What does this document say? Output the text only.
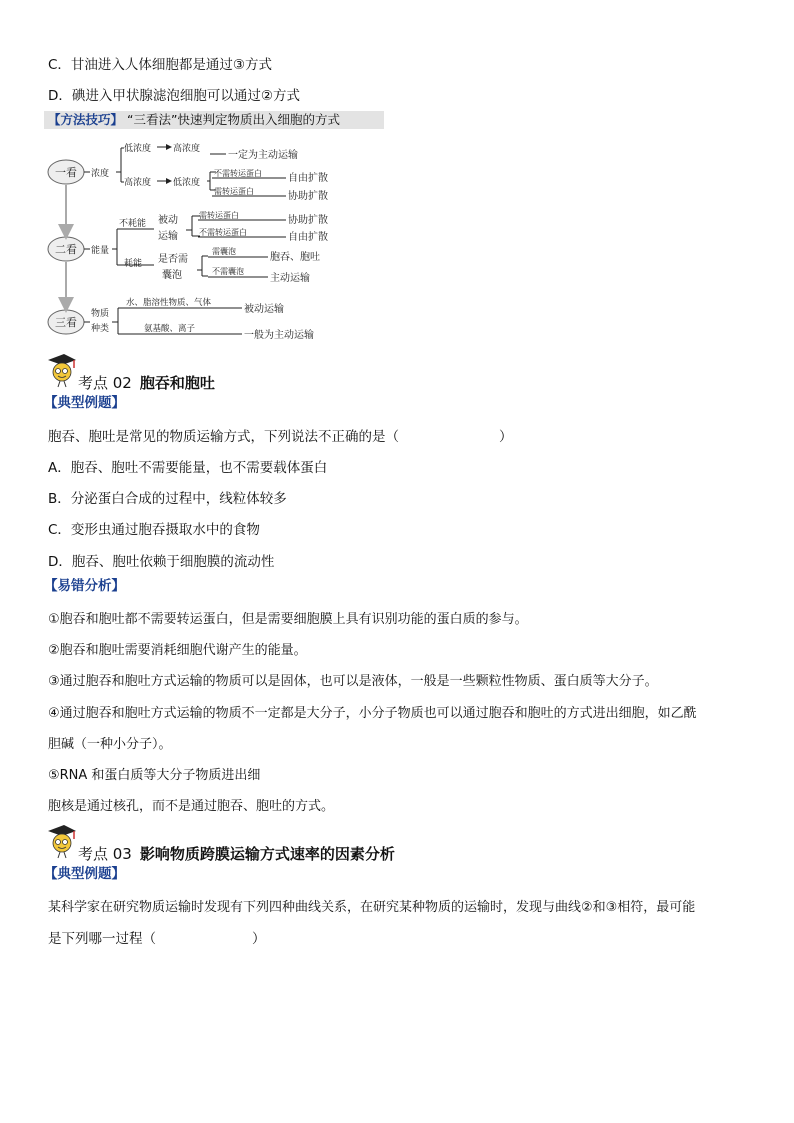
C．甘油进入人体细胞都是通过③方式
D．碘进入甲状腺滤泡细胞可以通过②方式
【方法技巧】 “三看法”快速判定物质出入细胞的方式
一看
二看
三看
浓度
低浓度 高浓度
一定为主动运输
高浓度 低浓度
不需转运蛋白
需转运蛋白
自由扩散
协助扩散
能量
不耗能 被动
运输
需转运蛋白
不需转运蛋白
协助扩散
自由扩散
耗能 是否需
囊泡
需囊泡
不需囊泡
胞吞、胞吐
主动运输
物质
种类
水、脂溶性物质、气体
被动运输
氨基酸、离子
一般为主动运输
考点 02 胞吞和胞吐
【典型例题】
胞吞、胞吐是常见的物质运输方式，下列说法不正确的是（	）
A．胞吞、胞吐不需要能量，也不需要载体蛋白
B．分泌蛋白合成的过程中，线粒体较多
C．变形虫通过胞吞摄取水中的食物
D．胞吞、胞吐依赖于细胞膜的流动性
【易错分析】
①胞吞和胞吐都不需要转运蛋白，但是需要细胞膜上具有识别功能的蛋白质的参与。
②胞吞和胞吐需要消耗细胞代谢产生的能量。
③通过胞吞和胞吐方式运输的物质可以是固体，也可以是液体，一般是一些颗粒性物质、蛋白质等大分子。
④通过胞吞和胞吐方式运输的物质不一定都是大分子，小分子物质也可以通过胞吞和胞吐的方式进出细胞，如乙酰
胆碱（一种小分子）。
⑤RNA 和蛋白质等大分子物质进出细
胞核是通过核孔，而不是通过胞吞、胞吐的方式。
考点 03 影响物质跨膜运输方式速率的因素分析
【典型例题】
某科学家在研究物质运输时发现有下列四种曲线关系，在研究某种物质的运输时，发现与曲线②和③相符，最可能
是下列哪一过程（	）
